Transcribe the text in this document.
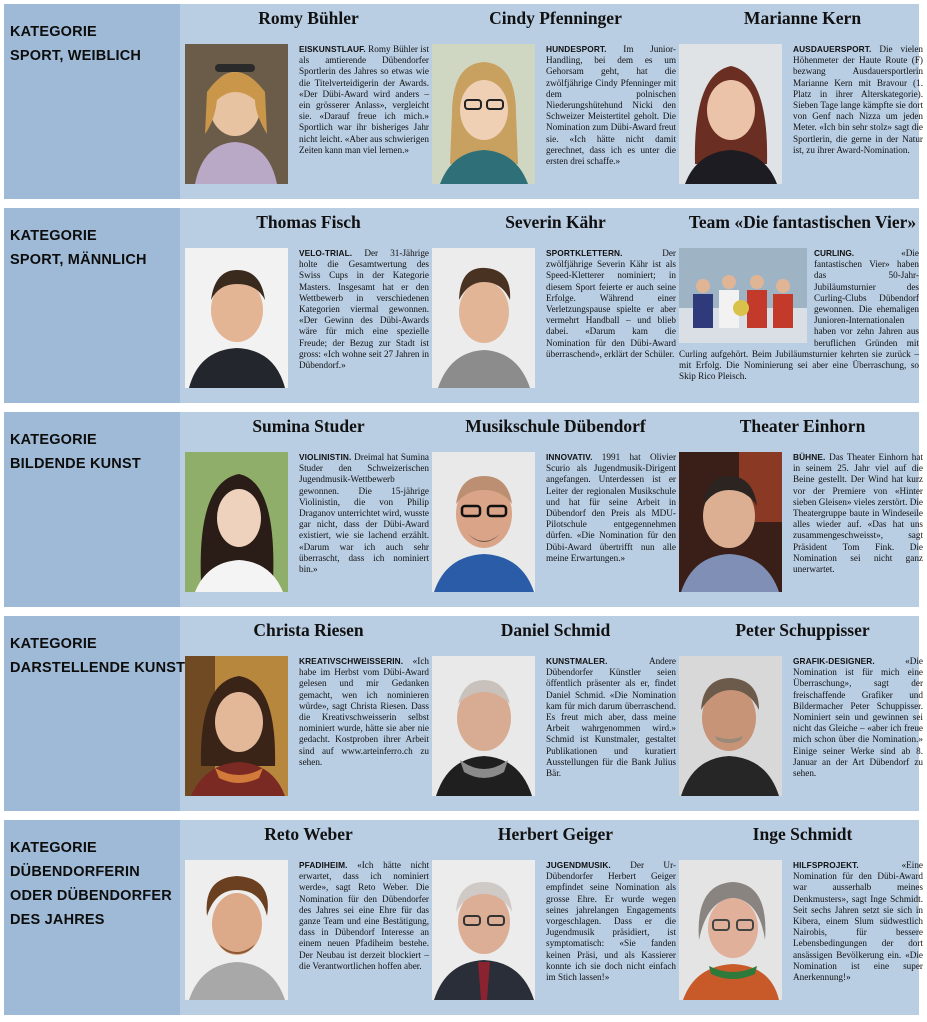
KATEGORIE
SPORT, WEIBLICH
Romy Bühler
EISKUNSTLAUF. Romy Bühler ist als amtierende Dübendorfer Sportlerin des Jahres so etwas wie die Titelverteidigerin der Awards. «Der Dübi-Award wird anders – ein grösserer Anlass», vergleicht sie. «Darauf freue ich mich.» Sportlich war ihr bisheriges Jahr nicht leicht. «Aber aus schwierigen Zeiten kann man viel lernen.»
Cindy Pfenninger
HUNDESPORT. Im Junior-Handling, bei dem es um Gehorsam geht, hat die zwölfjährige Cindy Pfenninger mit dem polnischen Niederungshütehund Nicki den Schweizer Meistertitel geholt. Die Nomination zum Dübi-Award freut sie. «Ich hätte nicht damit gerechnet, dass ich es unter die ersten drei schaffe.»
Marianne Kern
AUSDAUERSPORT. Die vielen Höhenmeter der Haute Route (F) bezwang Ausdauersportlerin Marianne Kern mit Bravour (1. Platz in ihrer Alterskategorie). Sieben Tage lange kämpfte sie dort von Genf nach Nizza um jeden Meter. «Ich bin sehr stolz» sagt die Sportlerin, die gerne in der Natur ist, zu ihrer Award-Nomination.
KATEGORIE
SPORT, MÄNNLICH
Thomas Fisch
VELO-TRIAL. Der 31-Jährige holte die Gesamtwertung des Swiss Cups in der Kategorie Masters. Insgesamt hat er den Wettbewerb in verschiedenen Kategorien viermal gewonnen. «Der Gewinn des Dübi-Awards wäre für mich eine spezielle Freude; der Bezug zur Stadt ist gross: «Ich wohne seit 27 Jahren in Dübendorf.»
Severin Kähr
SPORTKLETTERN.	Der zwölfjährige Severin Kähr ist als Speed-Kletterer nominiert; in diesem Sport feierte er auch seine Erfolge. Während einer Verletzungspause spielte er aber vermehrt Handball – und blieb dabei. «Darum kam die Nomination für den Dübi-Award überraschend», erklärt der Schüler.
Team «Die fantastischen Vier»
CURLING.	«Die fantastischen Vier» haben das 50-Jahr-Jubiläumsturnier des Curling-Clubs Dübendorf gewonnen. Die ehemaligen Junioren-Internationalen haben vor zehn Jahren aus beruflichen Gründen mit Curling aufgehört. Beim Jubiläumsturnier kehrten sie zurück – mit Erfolg. Die Nominierung sei aber eine Überraschung, so Skip Rico Pleisch.
KATEGORIE
BILDENDE KUNST
Sumina Studer
VIOLINISTIN. Dreimal hat Sumina Studer den Schweizerischen Jugendmusik-Wettbewerb gewonnen. Die 15-jährige Violinistin, die von Philip Draganov unterrichtet wird, wusste gar nicht, dass der Dübi-Award existiert, wie sie lachend erzählt. «Darum war ich auch sehr überrascht, dass ich nominiert bin.»
Musikschule Dübendorf
INNOVATIV. 1991 hat Olivier Scurio als Jugendmusik-Dirigent angefangen. Unterdessen ist er Leiter der regionalen Musikschule und hat für seine Arbeit in Dübendorf den Preis als MDU-Pilotschule entgegennehmen dürfen. «Die Nomination für den Dübi-Award übertrifft nun alle meine Erwartungen.»
Theater Einhorn
BÜHNE. Das Theater Einhorn hat in seinem 25. Jahr viel auf die Beine gestellt. Der Wind hat kurz vor der Premiere von «Hinter sieben Gleisen» vieles zerstört. Die Theatergruppe baute in Windeseile alles wieder auf. «Das hat uns zusammengeschweisst», sagt Präsident Tom Fink. Die Nomination sei nicht ganz unerwartet.
KATEGORIE
DARSTELLENDE KUNST
Christa Riesen
KREATIVSCHWEISSERIN. «Ich habe im Herbst vom Dübi-Award gelesen und mir Gedanken gemacht, wen ich nominieren würde», sagt Christa Riesen. Dass die Kreativschweisserin selbst nominiert wurde, hätte sie aber nie gedacht. Kostproben ihrer Arbeit sind auf www.arteinferro.ch zu sehen.
Daniel Schmid
KUNSTMALER.	Andere Dübendorfer Künstler seien öffentlich präsenter als er, findet Daniel Schmid. «Die Nomination kam für mich darum überraschend. Es freut mich aber, dass meine Arbeit wahrgenommen wird.» Schmid ist Kunstmaler, gestaltet Publikationen und kuratiert Ausstellungen für die Bank Julius Bär.
Peter Schuppisser
GRAFIK-DESIGNER.	«Die Nomination ist für mich eine Überraschung», sagt der freischaffende Grafiker und Bildermacher Peter Schuppisser. Nominiert sein und gewinnen sei nicht das Gleiche – «aber ich freue mich schon über die Nomination.» Einige seiner Werke sind ab 8. Januar an der Art Dübendorf zu sehen.
KATEGORIE
DÜBENDORFERIN
ODER DÜBENDORFER
DES JAHRES
Reto Weber
PFADIHEIM. «Ich hätte nicht erwartet, dass ich nominiert werde», sagt Reto Weber. Die Nomination für den Dübendorfer des Jahres sei eine Ehre für das ganze Team und eine Bestätigung, dass in Dübendorf Interesse an einem neuen Pfadiheim bestehe. Der Neubau ist derzeit blockiert – die Verantwortlichen hoffen aber.
Herbert Geiger
JUGENDMUSIK. Der Ur-Dübendorfer Herbert Geiger empfindet seine Nomination als grosse Ehre. Er wurde wegen seines jahrelangen Engagements vorgeschlagen. Dass er die Jugendmusik präsidiert, ist symptomatisch: «Sie fanden keinen Präsi, und als Kassierer konnte ich sie doch nicht einfach im Stich lassen!»
Inge Schmidt
HILFSPROJEKT.	«Eine Nomination für den Dübi-Award war ausserhalb meines Denkmusters», sagt Inge Schmidt. Seit sechs Jahren setzt sie sich in Kibera, einem Slum südwestlich Nairobis, für bessere Lebensbedingungen der dort ansässigen Bevölkerung ein. «Die Nomination ist eine super Anerkennung!»
